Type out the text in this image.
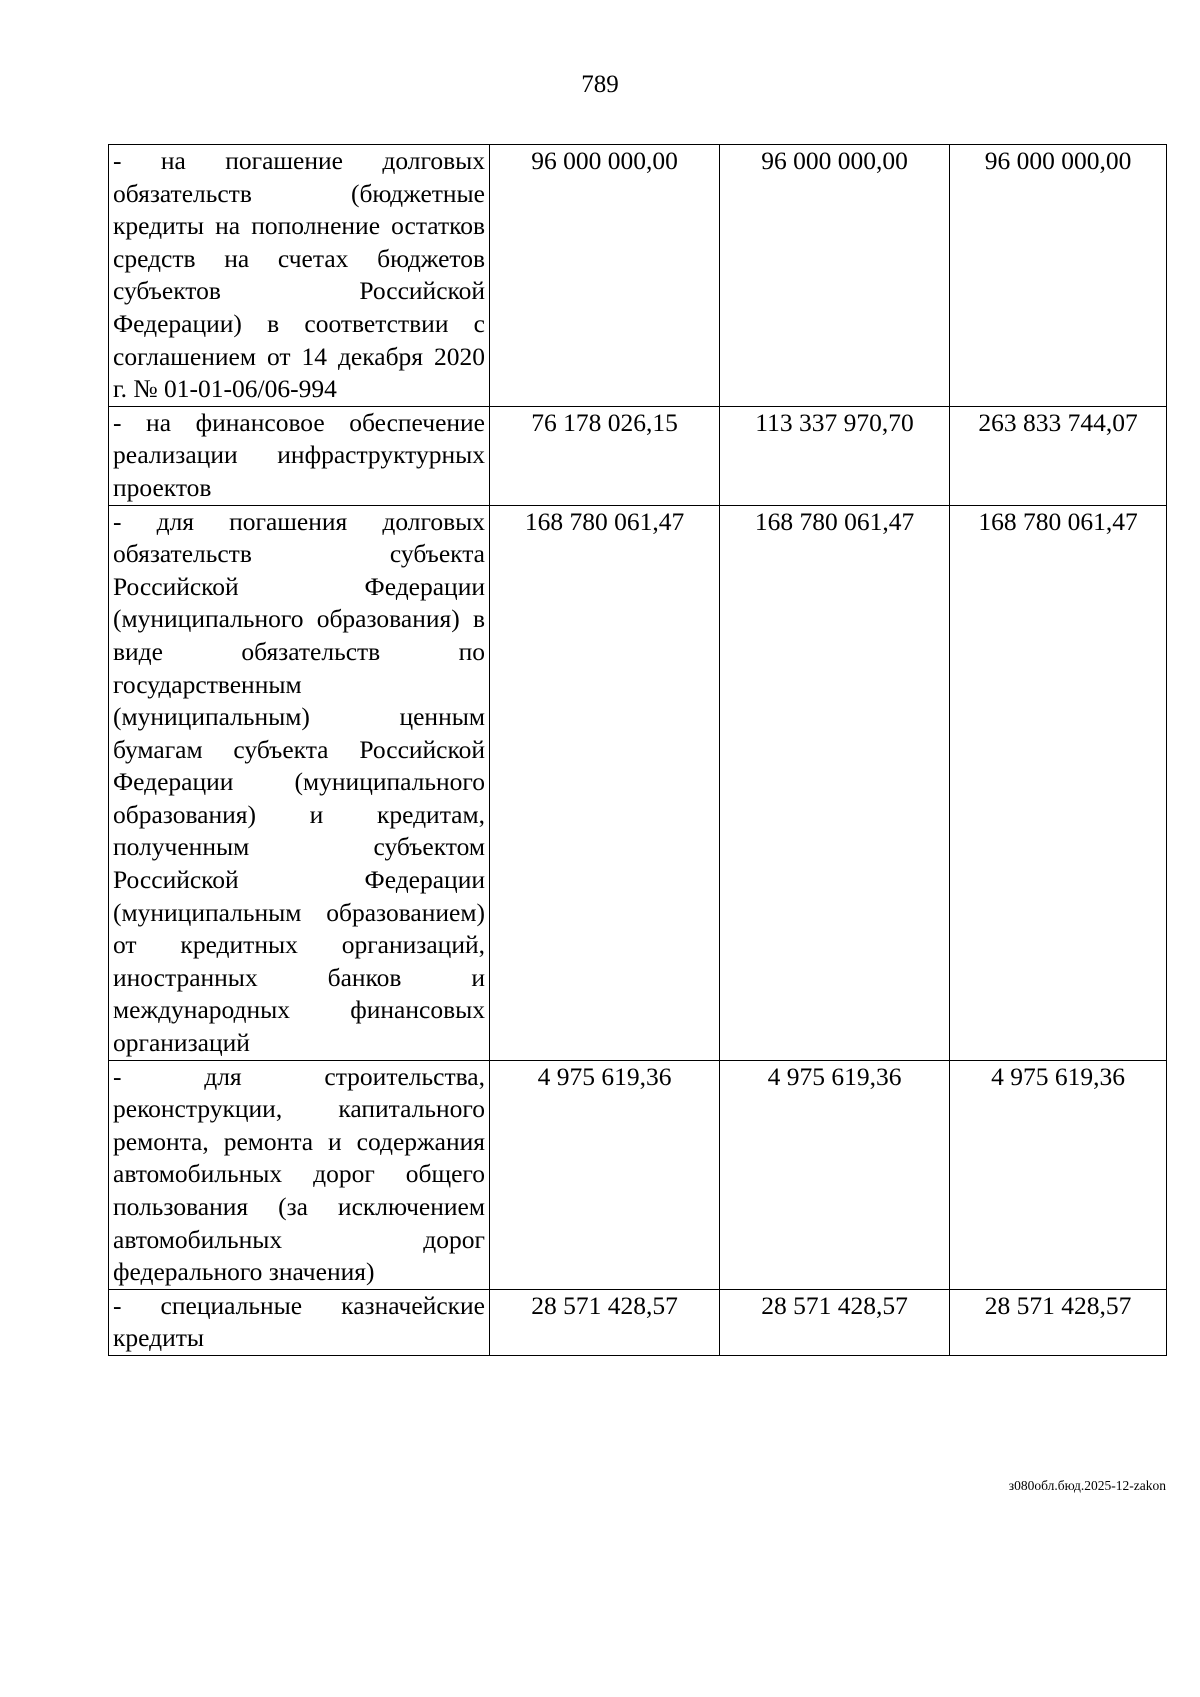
789
- на погашение долговых обязательств (бюджетные кредиты на пополнение остатков средств на счетах бюджетов субъектов Российской Федерации) в соответствии с соглашением от 14 декабря 2020 г. № 01-01-06/06-994	96 000 000,00	96 000 000,00	96 000 000,00
- на финансовое обеспечение реализации инфраструктурных проектов	76 178 026,15	113 337 970,70	263 833 744,07
- для погашения долговых обязательств субъекта Российской Федерации (муниципального образования) в виде обязательств по государственным (муниципальным) ценным бумагам субъекта Российской Федерации (муниципального образования) и кредитам, полученным субъектом Российской Федерации (муниципальным образованием) от кредитных организаций, иностранных банков и международных финансовых организаций	168 780 061,47	168 780 061,47	168 780 061,47
- для строительства, реконструкции, капитального ремонта, ремонта и содержания автомобильных дорог общего пользования (за исключением автомобильных дорог федерального значения)	4 975 619,36	4 975 619,36	4 975 619,36
- специальные казначейские кредиты	28 571 428,57	28 571 428,57	28 571 428,57
з080обл.бюд.2025-12-zakon
